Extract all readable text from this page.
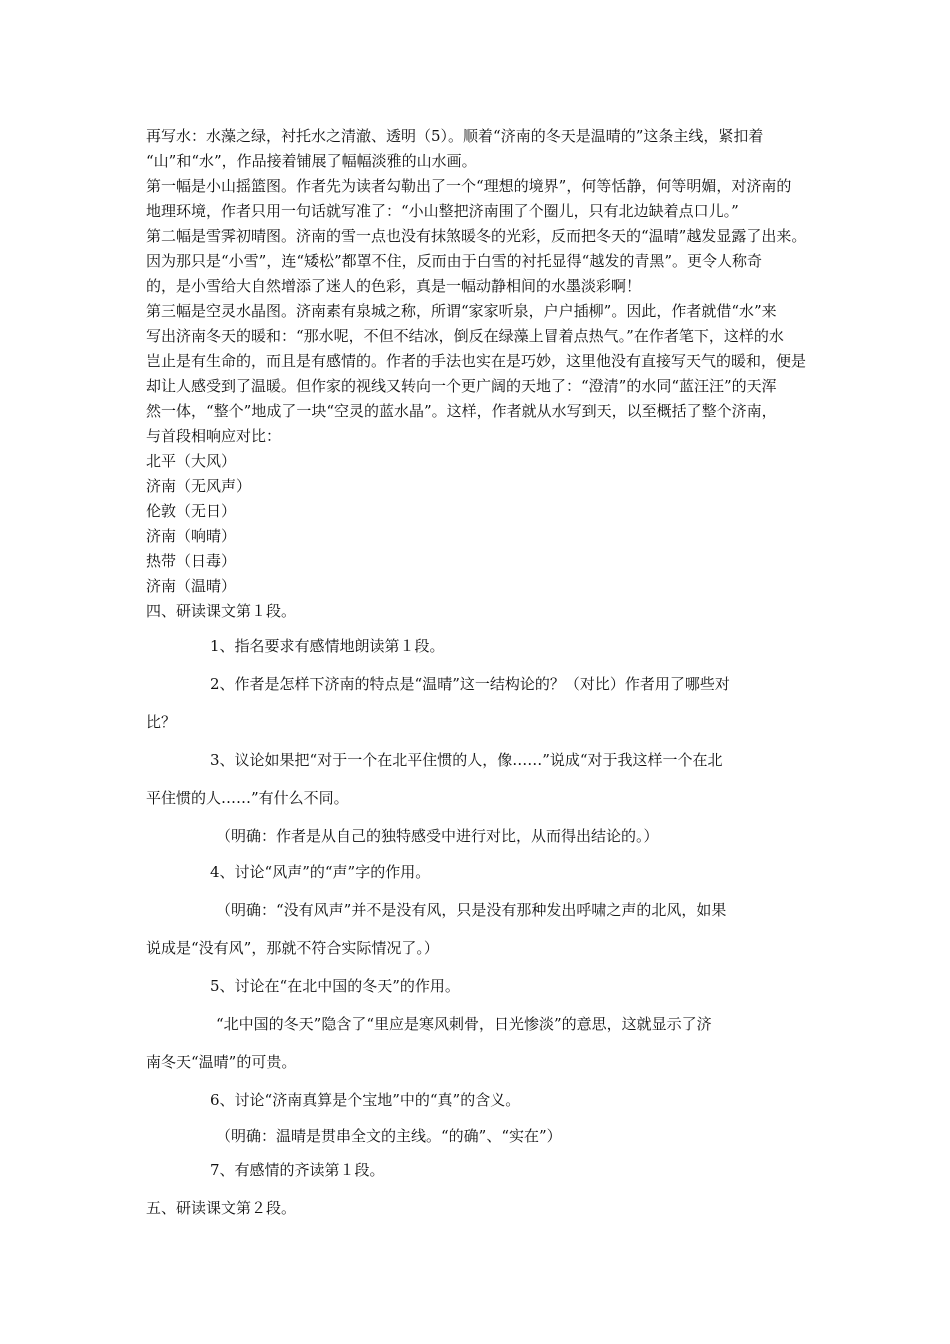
再写水：水藻之绿，衬托水之清澈、透明（5）。顺着“济南的冬天是温晴的”这条主线，紧扣着
“山”和“水”，作品接着铺展了幅幅淡雅的山水画。
第一幅是小山摇篮图。作者先为读者勾勒出了一个“理想的境界”，何等恬静，何等明媚，对济南的
地理环境，作者只用一句话就写准了：“小山整把济南围了个圈儿，只有北边缺着点口儿。”
第二幅是雪霁初晴图。济南的雪一点也没有抹煞暖冬的光彩，反而把冬天的“温晴”越发显露了出来。
因为那只是“小雪”，连“矮松”都罩不住，反而由于白雪的衬托显得“越发的青黑”。更令人称奇
的，是小雪给大自然增添了迷人的色彩，真是一幅动静相间的水墨淡彩啊！
第三幅是空灵水晶图。济南素有泉城之称，所谓“家家听泉，户户插柳”。因此，作者就借“水”来
写出济南冬天的暖和：“那水呢，不但不结冰，倒反在绿藻上冒着点热气。”在作者笔下，这样的水
岂止是有生命的，而且是有感情的。作者的手法也实在是巧妙，这里他没有直接写天气的暖和，便是
却让人感受到了温暖。但作家的视线又转向一个更广阔的天地了：“澄清”的水同“蓝汪汪”的天浑
然一体，“整个”地成了一块“空灵的蓝水晶”。这样，作者就从水写到天，以至概括了整个济南，
与首段相响应对比：
北平（大风）
济南（无风声）
伦敦（无日）
济南（响晴）
热带（日毒）
济南（温晴）
四、研读课文第１段。
1、指名要求有感情地朗读第１段。
2、作者是怎样下济南的特点是“温晴”这一结构论的？（对比）作者用了哪些对
比？
3、议论如果把“对于一个在北平住惯的人，像……”说成“对于我这样一个在北
平住惯的人……”有什么不同。
（明确：作者是从自己的独特感受中进行对比，从而得出结论的。）
4、讨论“风声”的“声”字的作用。
（明确：“没有风声”并不是没有风，只是没有那种发出呼啸之声的北风，如果
说成是“没有风”，那就不符合实际情况了。）
5、讨论在“在北中国的冬天”的作用。
“北中国的冬天”隐含了“里应是寒风刺骨，日光惨淡”的意思，这就显示了济
南冬天“温晴”的可贵。
6、讨论“济南真算是个宝地”中的“真”的含义。
（明确：温晴是贯串全文的主线。“的确”、“实在”）
7、有感情的齐读第１段。
五、研读课文第２段。
